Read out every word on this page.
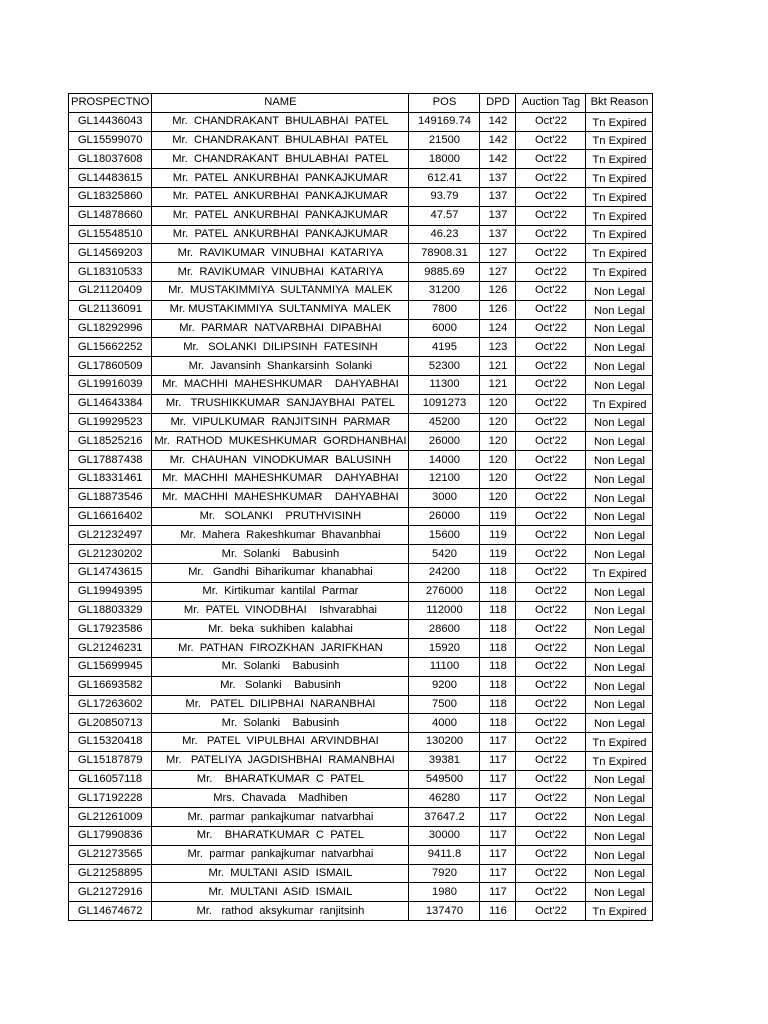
PROSPECTNO	NAME	POS	DPD	Auction Tag	Bkt Reason
GL14436043	Mr.  CHANDRAKANT  BHULABHAI  PATEL	149169.74	142	Oct'22	Tn Expired
GL15599070	Mr.  CHANDRAKANT  BHULABHAI  PATEL	21500	142	Oct'22	Tn Expired
GL18037608	Mr.  CHANDRAKANT  BHULABHAI  PATEL	18000	142	Oct'22	Tn Expired
GL14483615	Mr.  PATEL  ANKURBHAI  PANKAJKUMAR	612.41	137	Oct'22	Tn Expired
GL18325860	Mr.  PATEL  ANKURBHAI  PANKAJKUMAR	93.79	137	Oct'22	Tn Expired
GL14878660	Mr.  PATEL  ANKURBHAI  PANKAJKUMAR	47.57	137	Oct'22	Tn Expired
GL15548510	Mr.  PATEL  ANKURBHAI  PANKAJKUMAR	46.23	137	Oct'22	Tn Expired
GL14569203	Mr.  RAVIKUMAR  VINUBHAI  KATARIYA	78908.31	127	Oct'22	Tn Expired
GL18310533	Mr.  RAVIKUMAR  VINUBHAI  KATARIYA	9885.69	127	Oct'22	Tn Expired
GL21120409	Mr.  MUSTAKIMMIYA  SULTANMIYA  MALEK	31200	126	Oct'22	Non Legal
GL21136091	Mr. MUSTAKIMMIYA  SULTANMIYA  MALEK	7800	126	Oct'22	Non Legal
GL18292996	Mr.  PARMAR  NATVARBHAI  DIPABHAI	6000	124	Oct'22	Non Legal
GL15662252	Mr.   SOLANKI  DILIPSINH  FATESINH	4195	123	Oct'22	Non Legal
GL17860509	Mr.  Javansinh  Shankarsinh  Solanki	52300	121	Oct'22	Non Legal
GL19916039	Mr.  MACHHI  MAHESHKUMAR    DAHYABHAI	11300	121	Oct'22	Non Legal
GL14643384	Mr.   TRUSHIKKUMAR  SANJAYBHAI  PATEL	1091273	120	Oct'22	Tn Expired
GL19929523	Mr.  VIPULKUMAR  RANJITSINH  PARMAR	45200	120	Oct'22	Non Legal
GL18525216	Mr.  RATHOD  MUKESHKUMAR  GORDHANBHAI	26000	120	Oct'22	Non Legal
GL17887438	Mr.  CHAUHAN  VINODKUMAR  BALUSINH	14000	120	Oct'22	Non Legal
GL18331461	Mr.  MACHHI  MAHESHKUMAR    DAHYABHAI	12100	120	Oct'22	Non Legal
GL18873546	Mr.  MACHHI  MAHESHKUMAR    DAHYABHAI	3000	120	Oct'22	Non Legal
GL16616402	Mr.   SOLANKI    PRUTHVISINH	26000	119	Oct'22	Non Legal
GL21232497	Mr.  Mahera  Rakeshkumar  Bhavanbhai	15600	119	Oct'22	Non Legal
GL21230202	Mr.  Solanki    Babusinh	5420	119	Oct'22	Non Legal
GL14743615	Mr.   Gandhi  Biharikumar  khanabhai	24200	118	Oct'22	Tn Expired
GL19949395	Mr.  Kirtikumar  kantilal  Parmar	276000	118	Oct'22	Non Legal
GL18803329	Mr.  PATEL  VINODBHAI    Ishvarabhai	112000	118	Oct'22	Non Legal
GL17923586	Mr.  beka  sukhiben  kalabhai	28600	118	Oct'22	Non Legal
GL21246231	Mr.  PATHAN  FIROZKHAN  JARIFKHAN	15920	118	Oct'22	Non Legal
GL15699945	Mr.  Solanki    Babusinh	11100	118	Oct'22	Non Legal
GL16693582	Mr.   Solanki    Babusinh	9200	118	Oct'22	Non Legal
GL17263602	Mr.   PATEL  DILIPBHAI  NARANBHAI	7500	118	Oct'22	Non Legal
GL20850713	Mr.  Solanki    Babusinh	4000	118	Oct'22	Non Legal
GL15320418	Mr.   PATEL  VIPULBHAI  ARVINDBHAI	130200	117	Oct'22	Tn Expired
GL15187879	Mr.   PATELIYA  JAGDISHBHAI  RAMANBHAI	39381	117	Oct'22	Tn Expired
GL16057118	Mr.    BHARATKUMAR  C  PATEL	549500	117	Oct'22	Non Legal
GL17192228	Mrs.  Chavada    Madhiben	46280	117	Oct'22	Non Legal
GL21261009	Mr.  parmar  pankajkumar  natvarbhai	37647.2	117	Oct'22	Non Legal
GL17990836	Mr.    BHARATKUMAR  C  PATEL	30000	117	Oct'22	Non Legal
GL21273565	Mr.  parmar  pankajkumar  natvarbhai	9411.8	117	Oct'22	Non Legal
GL21258895	Mr.  MULTANI  ASID  ISMAIL	7920	117	Oct'22	Non Legal
GL21272916	Mr.  MULTANI  ASID  ISMAIL	1980	117	Oct'22	Non Legal
GL14674672	Mr.   rathod  aksykumar  ranjitsinh	137470	116	Oct'22	Tn Expired
